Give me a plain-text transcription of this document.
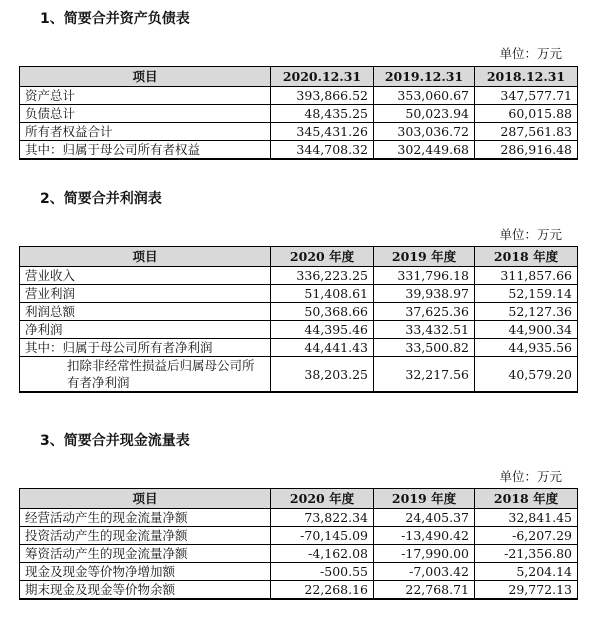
1、简要合并资产负债表
单位：万元
项目	2020.12.31	2019.12.31	2018.12.31
资产总计	393,866.52	353,060.67	347,577.71
负债总计	48,435.25	50,023.94	60,015.88
所有者权益合计	345,431.26	303,036.72	287,561.83
其中：归属于母公司所有者权益	344,708.32	302,449.68	286,916.48
2、简要合并利润表
单位：万元
项目	2020 年度	2019 年度	2018 年度
营业收入	336,223.25	331,796.18	311,857.66
营业利润	51,408.61	39,938.97	52,159.14
利润总额	50,368.66	37,625.36	52,127.36
净利润	44,395.46	33,432.51	44,900.34
其中：归属于母公司所有者净利润	44,441.43	33,500.82	44,935.56
扣除非经常性损益后归属母公司所有者净利润	38,203.25	32,217.56	40,579.20
3、简要合并现金流量表
单位：万元
项目	2020 年度	2019 年度	2018 年度
经营活动产生的现金流量净额	73,822.34	24,405.37	32,841.45
投资活动产生的现金流量净额	-70,145.09	-13,490.42	-6,207.29
筹资活动产生的现金流量净额	-4,162.08	-17,990.00	-21,356.80
现金及现金等价物净增加额	-500.55	-7,003.42	5,204.14
期末现金及现金等价物余额	22,268.16	22,768.71	29,772.13
